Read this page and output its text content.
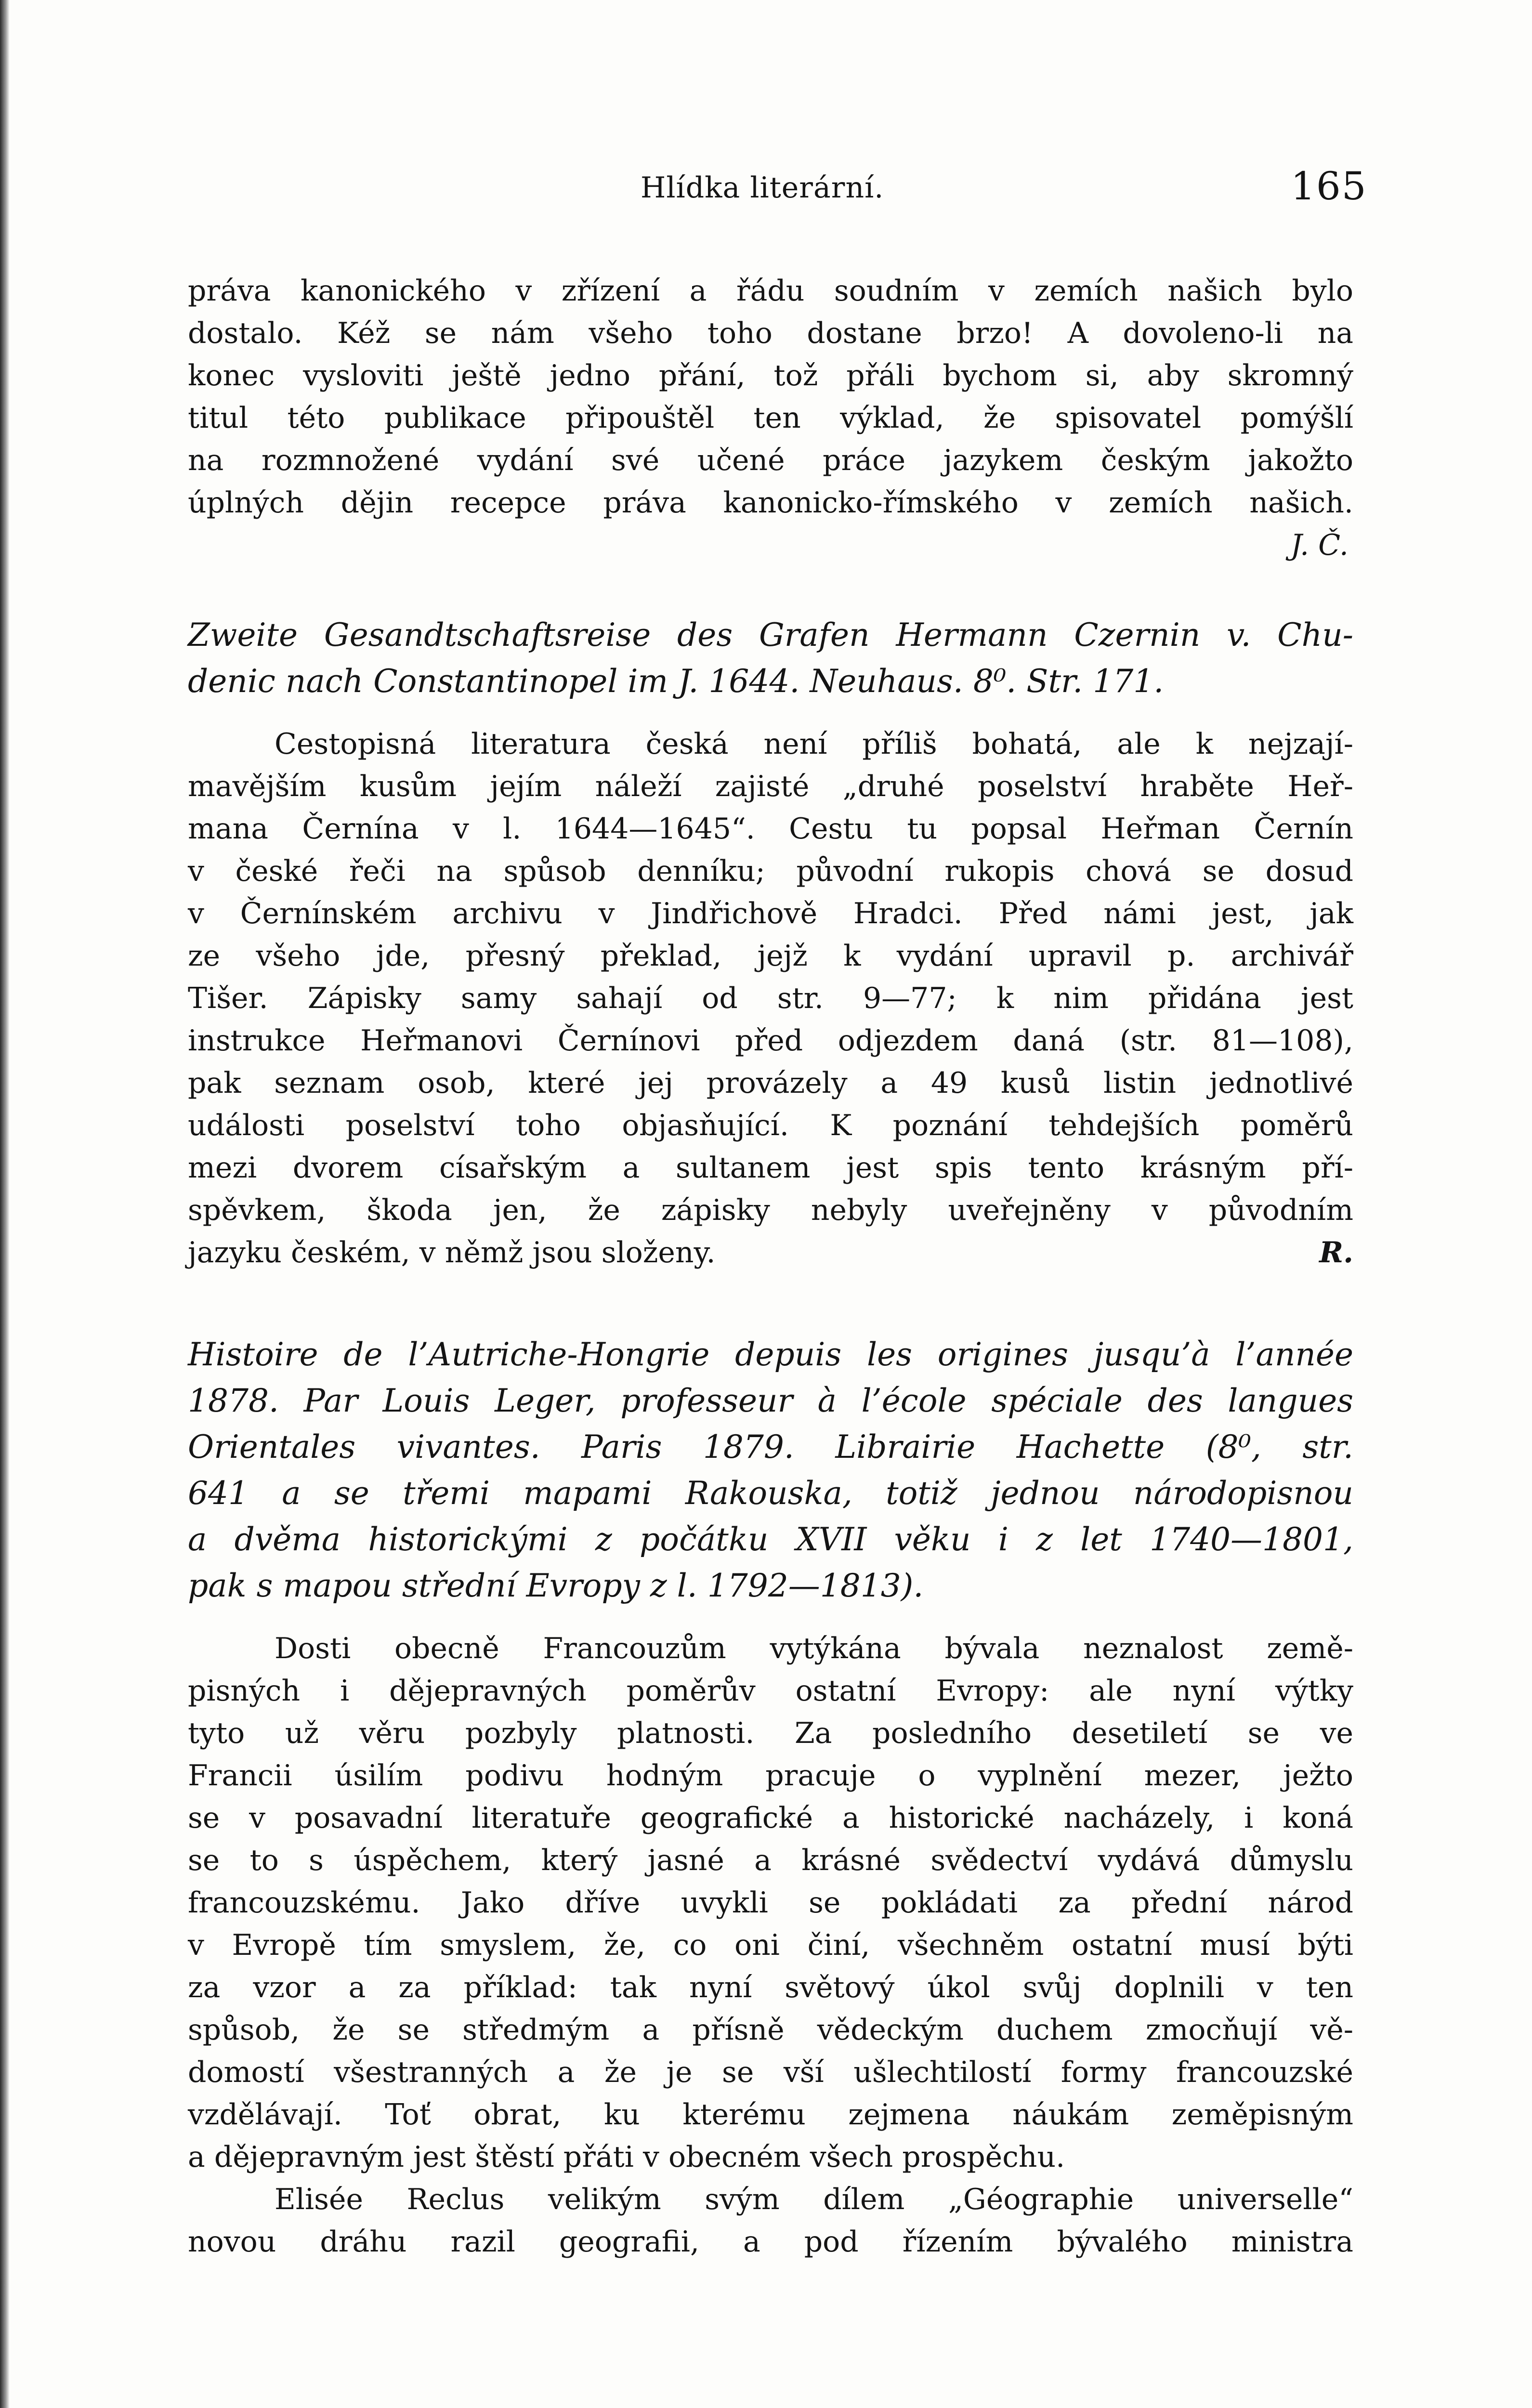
Hlídka literární.	165
práva kanonického v zřízení a řádu soudním v zemích našich bylo
dostalo. Kéž se nám všeho toho dostane brzo! A dovoleno-li na
konec vysloviti ještě jedno přání, tož přáli bychom si, aby skromný
titul této publikace připouštěl ten výklad, že spisovatel pomýšlí
na rozmnožené vydání své učené práce jazykem českým jakožto
úplných dějin recepce práva kanonicko-římského v zemích našich.
J. Č.
Zweite Gesandtschaftsreise des Grafen Hermann Czernin v. Chu-
denic nach Constantinopel im J. 1644. Neuhaus. 8⁰. Str. 171.
Cestopisná literatura česká není příliš bohatá, ale k nejzají-
mavějším kusům jejím náleží zajisté „druhé poselství hraběte Heř-
mana Černína v l. 1644—1645“. Cestu tu popsal Heřman Černín
v české řeči na spůsob denníku; původní rukopis chová se dosud
v Černínském archivu v Jindřichově Hradci. Před námi jest, jak
ze všeho jde, přesný překlad, jejž k vydání upravil p. archivář
Tišer. Zápisky samy sahají od str. 9—77; k nim přidána jest
instrukce Heřmanovi Černínovi před odjezdem daná (str. 81—108),
pak seznam osob, které jej provázely a 49 kusů listin jednotlivé
události poselství toho objasňující. K poznání tehdejších poměrů
mezi dvorem císařským a sultanem jest spis tento krásným pří-
spěvkem, škoda jen, že zápisky nebyly uveřejněny v původním
jazyku českém, v němž jsou složeny.	R.
Histoire de l’Autriche-Hongrie depuis les origines jusqu’à l’année
1878. Par Louis Leger, professeur à l’école spéciale des langues
Orientales vivantes. Paris 1879. Librairie Hachette (8⁰, str.
641 a se třemi mapami Rakouska, totiž jednou národopisnou
a dvěma historickými z počátku XVII věku i z let 1740—1801,
pak s mapou střední Evropy z l. 1792—1813).
Dosti obecně Francouzům vytýkána bývala neznalost země-
pisných i dějepravných poměrův ostatní Evropy: ale nyní výtky
tyto už věru pozbyly platnosti. Za posledního desetiletí se ve
Francii úsilím podivu hodným pracuje o vyplnění mezer, ježto
se v posavadní literatuře geografické a historické nacházely, i koná
se to s úspěchem, který jasné a krásné svědectví vydává důmyslu
francouzskému. Jako dříve uvykli se pokládati za přední národ
v Evropě tím smyslem, že, co oni činí, všechněm ostatní musí býti
za vzor a za příklad: tak nyní světový úkol svůj doplnili v ten
spůsob, že se středmým a přísně vědeckým duchem zmocňují vě-
domostí všestranných a že je se vší ušlechtilostí formy francouzské
vzdělávají. Toť obrat, ku kterému zejmena náukám zeměpisným
a dějepravným jest štěstí přáti v obecném všech prospěchu.
Elisée Reclus velikým svým dílem „Géographie universelle“
novou dráhu razil geografii, a pod řízením bývalého ministra
